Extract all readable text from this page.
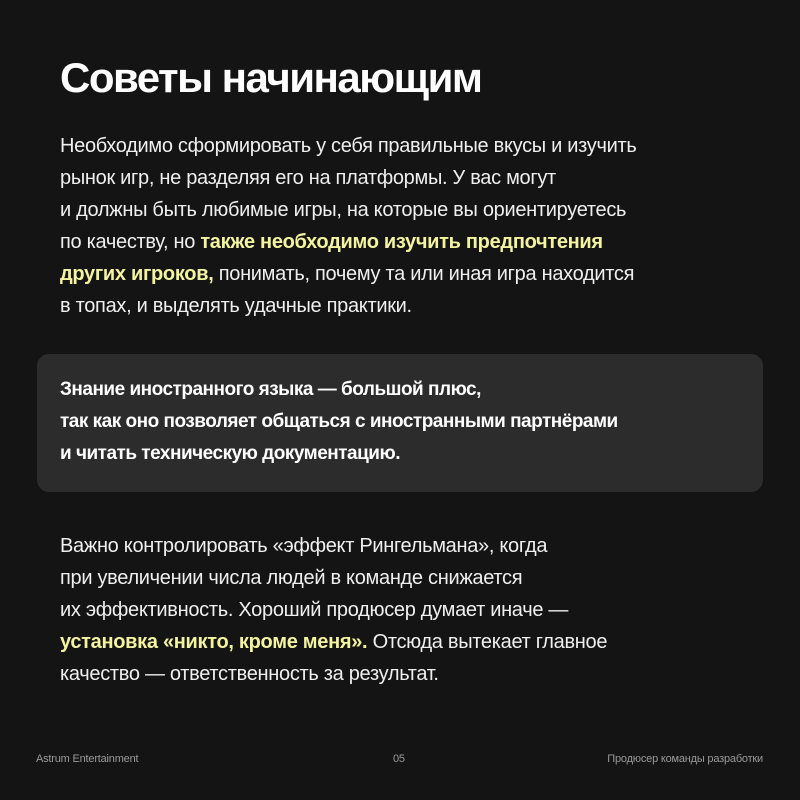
Советы начинающим

Необходимо сформировать у себя правильные вкусы и изучить
рынок игр, не разделяя его на платформы. У вас могут
и должны быть любимые игры, на которые вы ориентируетесь
по качеству, но также необходимо изучить предпочтения
других игроков, понимать, почему та или иная игра находится
в топах, и выделять удачные практики.

Знание иностранного языка — большой плюс,
так как оно позволяет общаться с иностранными партнёрами
и читать техническую документацию.

Важно контролировать «эффект Рингельмана», когда
при увеличении числа людей в команде снижается
их эффективность. Хороший продюсер думает иначе —
установка «никто, кроме меня». Отсюда вытекает главное
качество — ответственность за результат.

Astrum Entertainment	05	Продюсер команды разработки
